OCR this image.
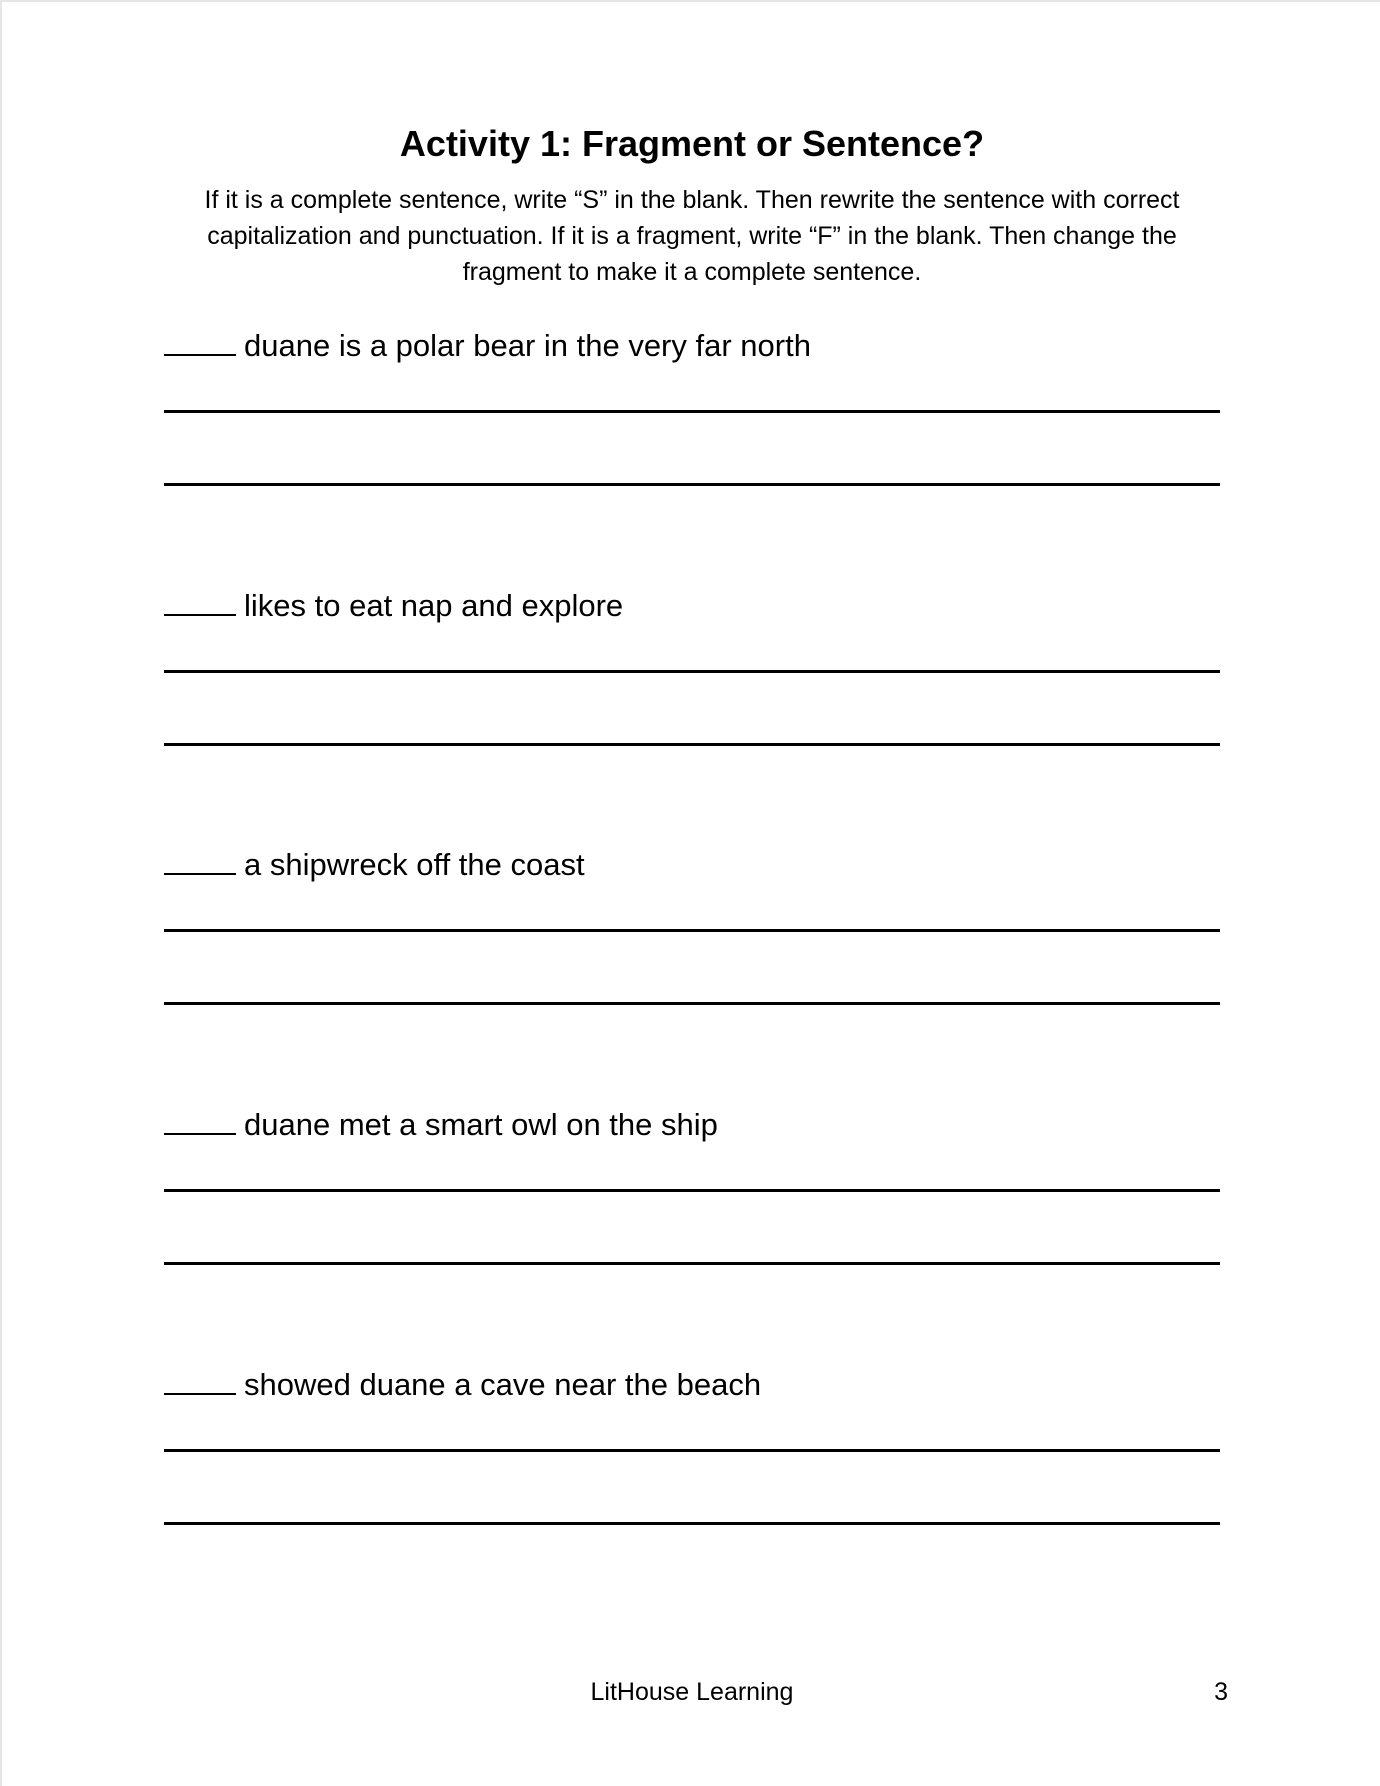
Activity 1: Fragment or Sentence?

If it is a complete sentence, write “S” in the blank. Then rewrite the sentence with correct capitalization and punctuation. If it is a fragment, write “F” in the blank. Then change the fragment to make it a complete sentence.

duane is a polar bear in the very far north
likes to eat nap and explore
a shipwreck off the coast
duane met a smart owl on the ship
showed duane a cave near the beach
LitHouse Learning	3
